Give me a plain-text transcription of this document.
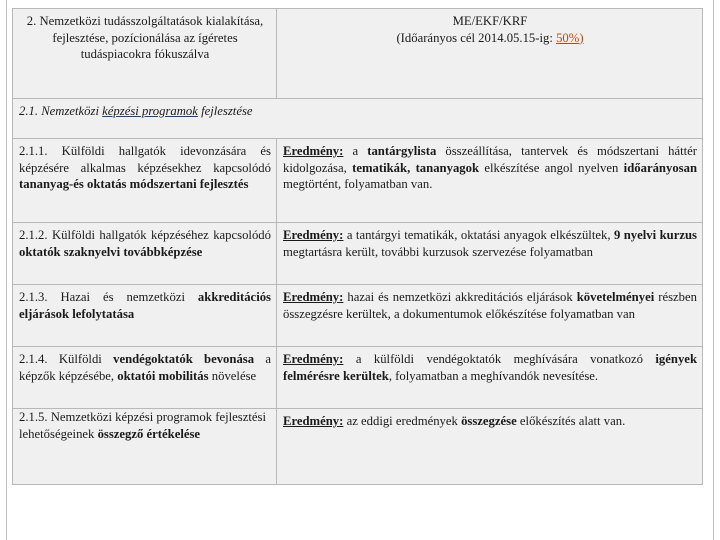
2. Nemzetközi tudásszolgáltatások kialakítása, fejlesztése, pozícionálása az ígéretes tudáspiacokra fókuszálva	ME/EKF/KRF
(Időarányos cél 2014.05.15-ig: 50%)

2.1. Nemzetközi képzési programok fejlesztése	
2.1.1. Külföldi hallgatók idevonzására és képzésére alkalmas képzésekhez kapcsolódó tananyag-és oktatás módszertani fejlesztés	Eredmény: a tantárgylista összeállítása, tantervek és módszertani háttér kidolgozása, tematikák, tananyagok elkészítése angol nyelven időarányosan megtörtént, folyamatban van.
2.1.2. Külföldi hallgatók képzéséhez kapcsolódó oktatók szaknyelvi továbbképzése	Eredmény: a tantárgyi tematikák, oktatási anyagok elkészültek, 9 nyelvi kurzus megtartásra került, további kurzusok szervezése folyamatban
2.1.3. Hazai és nemzetközi akkreditációs eljárások lefolytatása	Eredmény: hazai és nemzetközi akkreditációs eljárások követelményei részben összegzésre kerültek, a dokumentumok előkészítése folyamatban van
2.1.4. Külföldi vendégoktatók bevonása a képzők képzésébe, oktatói mobilitás növelése	Eredmény: a külföldi vendégoktatók meghívására vonatkozó igények felmérésre kerültek, folyamatban a meghívandók nevesítése.
2.1.5. Nemzetközi képzési programok fejlesztési lehetőségeinek összegző értékelése	Eredmény: az eddigi eredmények összegzése előkészítés alatt van.
